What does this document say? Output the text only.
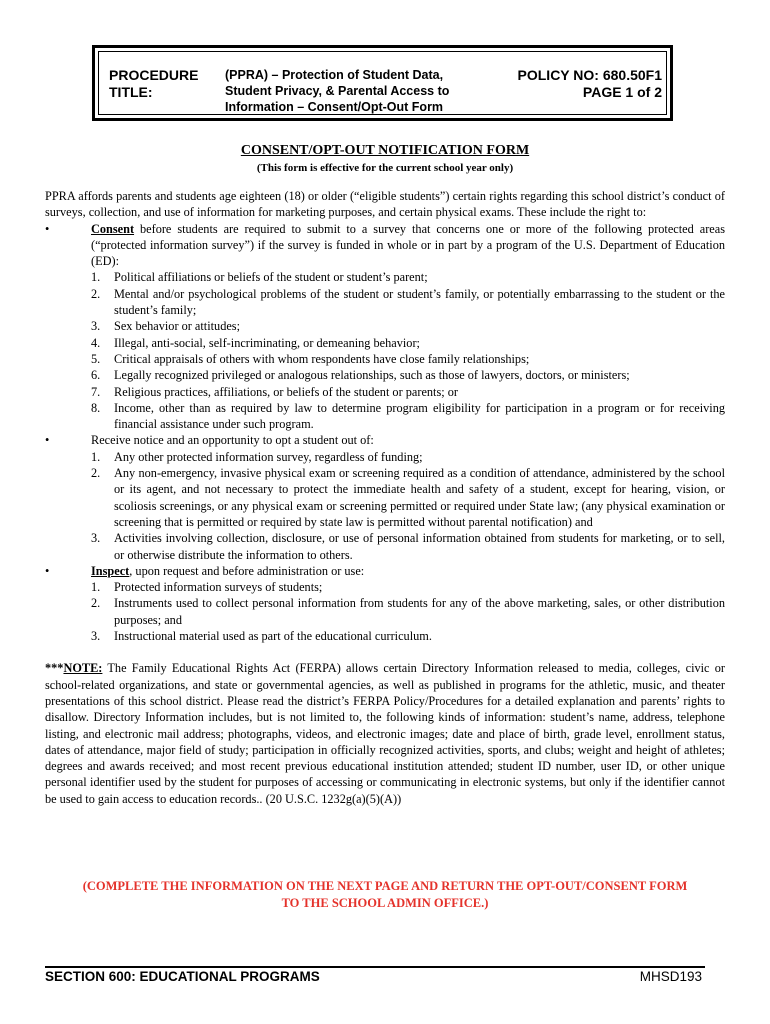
PROCEDURE
TITLE:
(PPRA) – Protection of Student Data,
Student Privacy, & Parental Access to
Information – Consent/Opt-Out Form
POLICY NO: 680.50F1
PAGE 1 of 2
CONSENT/OPT-OUT NOTIFICATION FORM
(This form is effective for the current school year only)

PPRA affords parents and students age eighteen (18) or older (“eligible students”) certain rights regarding this school district’s conduct of surveys, collection, and use of information for marketing purposes, and certain physical exams. These include the right to:

•	Consent before students are required to submit to a survey that concerns one or more of the following protected areas (“protected information survey”) if the survey is funded in whole or in part by a program of the U.S. Department of Education (ED):
1. Political affiliations or beliefs of the student or student’s parent;
2. Mental and/or psychological problems of the student or student’s family, or potentially embarrassing to the student or the student’s family;
3. Sex behavior or attitudes;
4. Illegal, anti-social, self-incriminating, or demeaning behavior;
5. Critical appraisals of others with whom respondents have close family relationships;
6. Legally recognized privileged or analogous relationships, such as those of lawyers, doctors, or ministers;
7. Religious practices, affiliations, or beliefs of the student or parents; or
8. Income, other than as required by law to determine program eligibility for participation in a program or for receiving financial assistance under such program.
•	Receive notice and an opportunity to opt a student out of:
1. Any other protected information survey, regardless of funding;
2. Any non-emergency, invasive physical exam or screening required as a condition of attendance, administered by the school or its agent, and not necessary to protect the immediate health and safety of a student, except for hearing, vision, or scoliosis screenings, or any physical exam or screening permitted or required under State law; (any physical examination or screening that is permitted or required by state law is permitted without parental notification) and
3. Activities involving collection, disclosure, or use of personal information obtained from students for marketing, or to sell, or otherwise distribute the information to others.
•	Inspect, upon request and before administration or use:
1. Protected information surveys of students;
2. Instruments used to collect personal information from students for any of the above marketing, sales, or other distribution purposes; and
3. Instructional material used as part of the educational curriculum.

***NOTE: The Family Educational Rights Act (FERPA) allows certain Directory Information released to media, colleges, civic or school-related organizations, and state or governmental agencies, as well as published in programs for the athletic, music, and theater presentations of this school district. Please read the district’s FERPA Policy/Procedures for a detailed explanation and parents’ rights to disallow. Directory Information includes, but is not limited to, the following kinds of information: student’s name, address, telephone listing, and electronic mail address; photographs, videos, and electronic images; date and place of birth, grade level, enrollment status, dates of attendance, major field of study; participation in officially recognized activities, sports, and clubs; weight and height of athletes; degrees and awards received; and most recent previous educational institution attended; student ID number, user ID, or other unique personal identifier used by the student for purposes of accessing or communicating in electronic systems, but only if the identifier cannot be used to gain access to education records.. (20 U.S.C. 1232g(a)(5)(A))

(COMPLETE THE INFORMATION ON THE NEXT PAGE AND RETURN THE OPT-OUT/CONSENT FORM
TO THE SCHOOL ADMIN OFFICE.)
SECTION 600: EDUCATIONAL PROGRAMS	MHSD193
